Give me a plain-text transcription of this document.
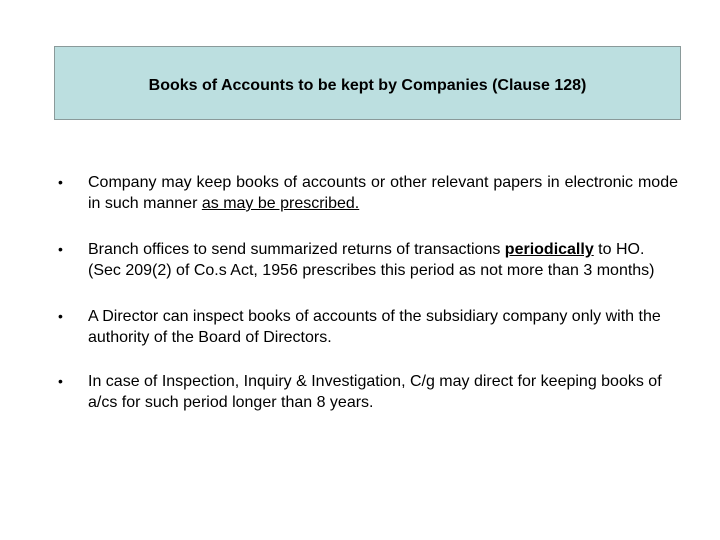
Books of Accounts to be kept by Companies (Clause 128)
•	Company may keep books of accounts or other relevant papers in electronic mode in such manner as may be prescribed.
•	Branch offices to send summarized returns of transactions periodically to HO. (Sec 209(2) of Co.s Act, 1956 prescribes this period as not more than 3 months)
•	A Director can inspect books of accounts of the subsidiary company only with the authority of the Board of Directors.
•	In case of Inspection, Inquiry & Investigation, C/g may direct for keeping books of a/cs for such period longer than 8 years.
